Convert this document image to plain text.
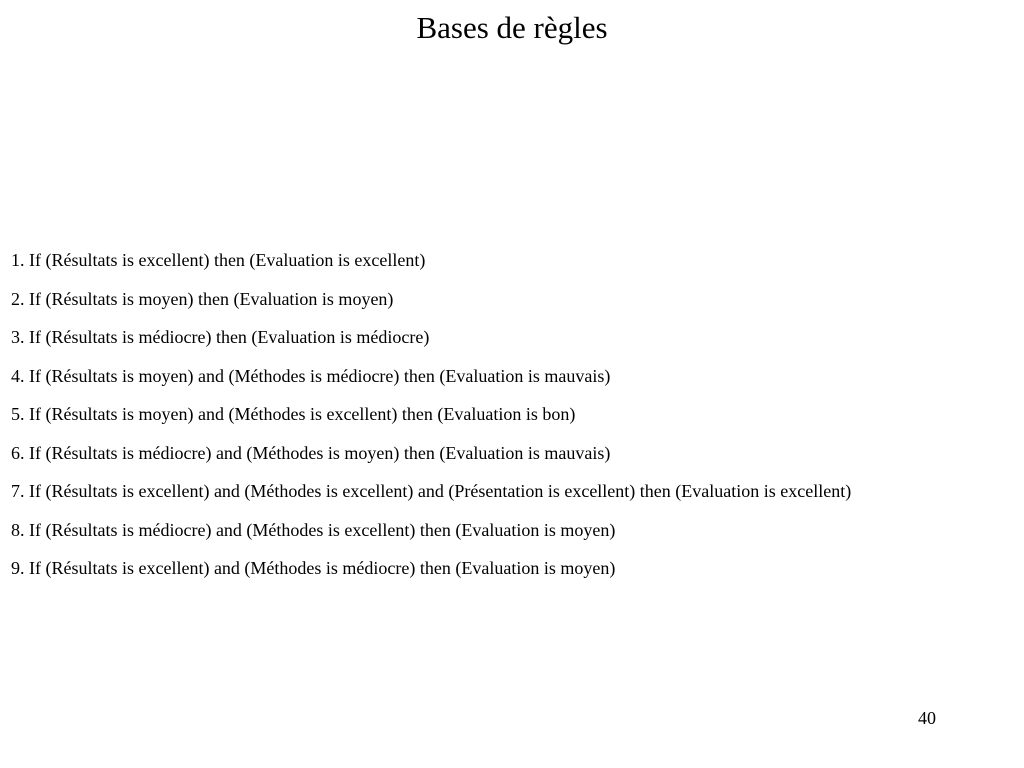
Bases de règles
1. If (Résultats is excellent) then (Evaluation is excellent)
2. If (Résultats is moyen) then (Evaluation is moyen)
3. If (Résultats is médiocre) then (Evaluation is médiocre)
4. If (Résultats is moyen) and (Méthodes is médiocre) then (Evaluation is mauvais)
5. If (Résultats is moyen) and (Méthodes is excellent) then (Evaluation is bon)
6. If (Résultats is médiocre) and (Méthodes is moyen) then (Evaluation is mauvais)
7. If (Résultats is excellent) and (Méthodes is excellent) and (Présentation is excellent) then (Evaluation is excellent)
8. If (Résultats is médiocre) and (Méthodes is excellent) then (Evaluation is moyen)
9. If (Résultats is excellent) and (Méthodes is médiocre) then (Evaluation is moyen)
40
